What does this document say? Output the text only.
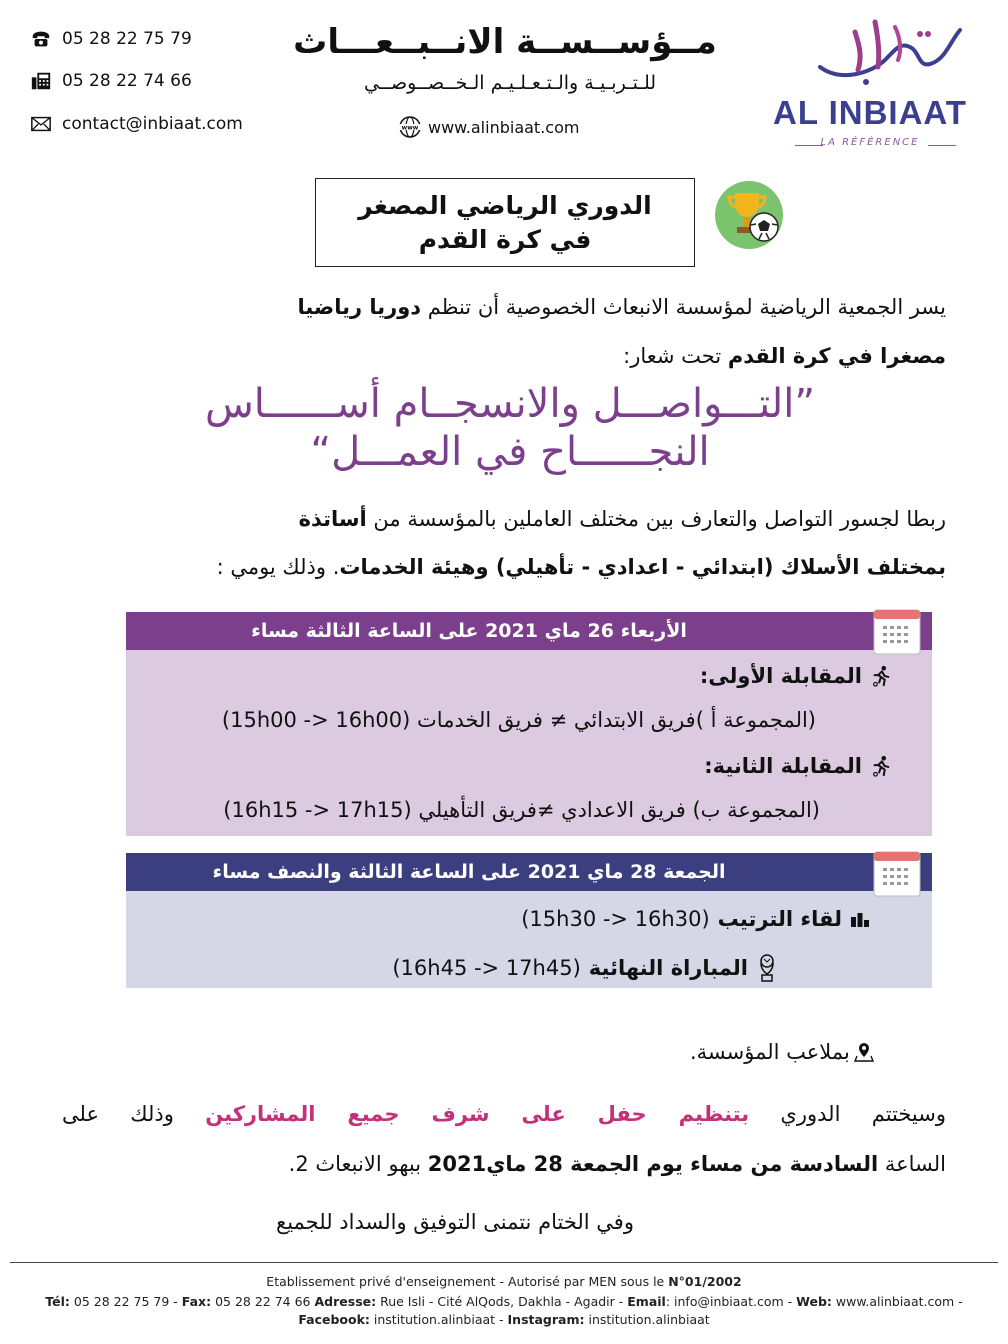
05 28 22 75 79
05 28 22 74 66
contact@inbiaat.com
مــؤســســة الانــبــعـــاث
للـتـربـيـة والـتـعـلـيـم الـخــصــوصــي
www www.alinbiaat.com	AL INBIAAT
LA RÉFÉRENCE
الدوري الرياضي المصغر
في كرة القدم
يسر الجمعية الرياضية لمؤسسة الانبعاث الخصوصية أن تنظم دوريا رياضيا
مصغرا في كرة القدم تحت شعار:
”التـــواصـــل والانسجــام أســــــاس
النجــــــاح في العمـــل“
ربطا لجسور التواصل والتعارف بين مختلف العاملين بالمؤسسة من أساتذة
بمختلف الأسلاك (ابتدائي - اعدادي - تأهيلي) وهيئة الخدمات. وذلك يومي :
الأربعاء 26 ماي 2021 على الساعة الثالثة مساء
المقابلة الأولى:
(المجموعة أ )فريق الابتدائي ≠ فريق الخدمات (15h00 -> 16h00)
المقابلة الثانية:
(المجموعة ب) فريق الاعدادي ≠فريق التأهيلي (16h15 -> 17h15)
الجمعة 28 ماي 2021 على الساعة الثالثة والنصف مساء
لقاء الترتيب
(15h30 -> 16h30)
المباراة النهائية
(16h45 -> 17h45)
بملاعب المؤسسة.
وسيختتم الدوري بتنظيم حفل على شرف جميع المشاركين وذلك على
الساعة السادسة من مساء يوم الجمعة 28 ماي2021 ببهو الانبعاث 2.
وفي الختام نتمنى التوفيق والسداد للجميع
Etablissement privé d'enseignement - Autorisé par MEN sous le N°01/2002
Tél: 05 28 22 75 79 - Fax: 05 28 22 74 66 Adresse: Rue Isli - Cité AlQods, Dakhla - Agadir - Email: info@inbiaat.com - Web: www.alinbiaat.com -
Facebook: institution.alinbiaat - Instagram: institution.alinbiaat
